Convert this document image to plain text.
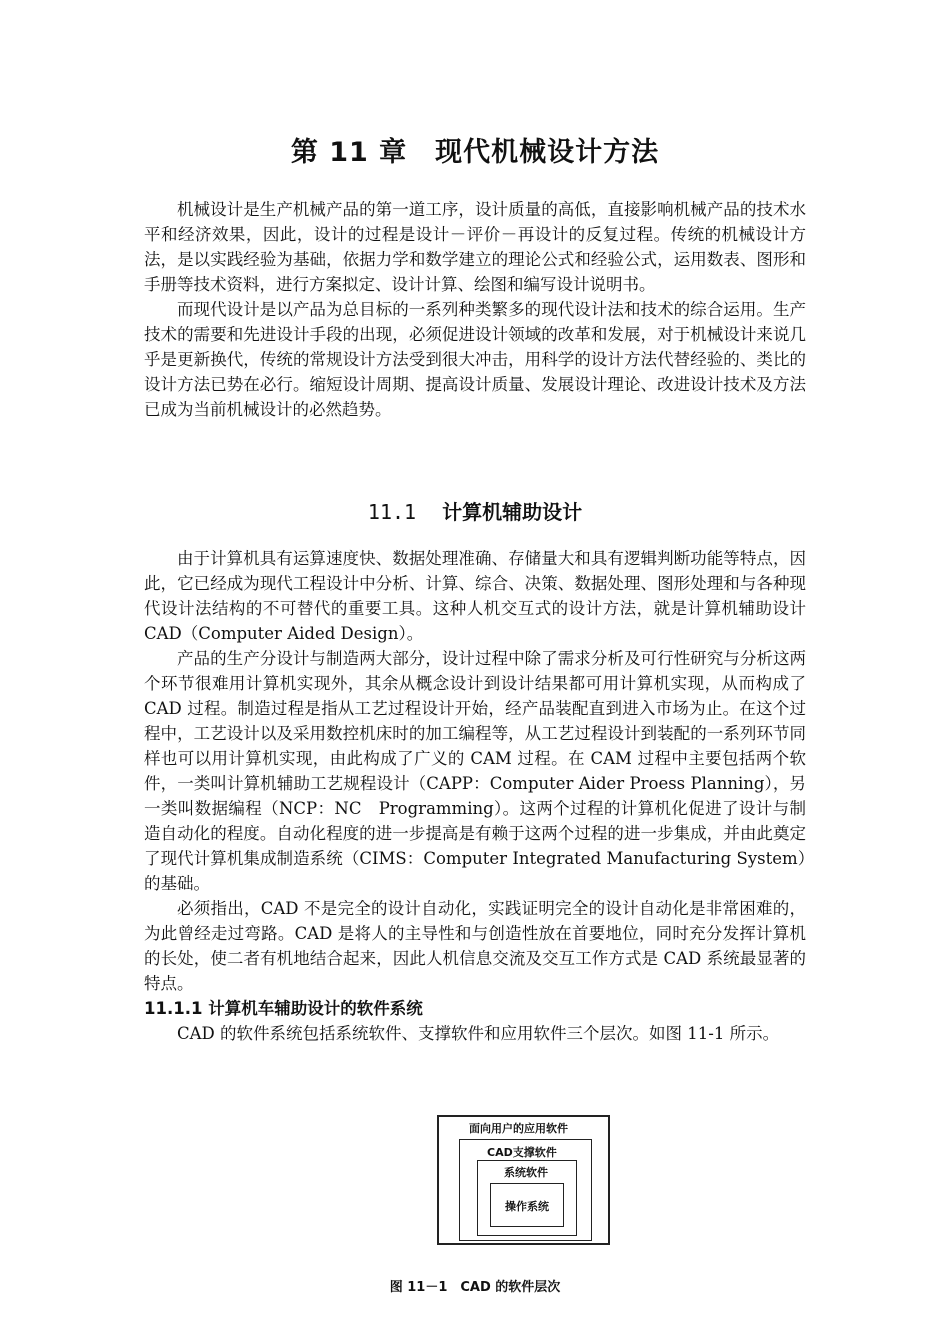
第 11 章　现代机械设计方法

机械设计是生产机械产品的第一道工序，设计质量的高低，直接影响机械产品的技术水平和经济效果，因此，设计的过程是设计－评价－再设计的反复过程。传统的机械设计方法，是以实践经验为基础，依据力学和数学建立的理论公式和经验公式，运用数表、图形和手册等技术资料，进行方案拟定、设计计算、绘图和编写设计说明书。

而现代设计是以产品为总目标的一系列种类繁多的现代设计法和技术的综合运用。生产技术的需要和先进设计手段的出现，必须促进设计领域的改革和发展，对于机械设计来说几乎是更新换代，传统的常规设计方法受到很大冲击，用科学的设计方法代替经验的、类比的设计方法已势在必行。缩短设计周期、提高设计质量、发展设计理论、改进设计技术及方法已成为当前机械设计的必然趋势。

11.1 计算机辅助设计

由于计算机具有运算速度快、数据处理准确、存储量大和具有逻辑判断功能等特点，因此，它已经成为现代工程设计中分析、计算、综合、决策、数据处理、图形处理和与各种现代设计法结构的不可替代的重要工具。这种人机交互式的设计方法，就是计算机辅助设计 CAD（Computer Aided Design）。

产品的生产分设计与制造两大部分，设计过程中除了需求分析及可行性研究与分析这两个环节很难用计算机实现外，其余从概念设计到设计结果都可用计算机实现，从而构成了 CAD 过程。制造过程是指从工艺过程设计开始，经产品装配直到进入市场为止。在这个过程中，工艺设计以及采用数控机床时的加工编程等，从工艺过程设计到装配的一系列环节同样也可以用计算机实现，由此构成了广义的 CAM 过程。在 CAM 过程中主要包括两个软件，一类叫计算机辅助工艺规程设计（CAPP：Computer Aider Proess Planning），另一类叫数据编程（NCP：NC　Programming）。这两个过程的计算机化促进了设计与制造自动化的程度。自动化程度的进一步提高是有赖于这两个过程的进一步集成，并由此奠定了现代计算机集成制造系统（CIMS：Computer Integrated Manufacturing System）的基础。

必须指出，CAD 不是完全的设计自动化，实践证明完全的设计自动化是非常困难的，为此曾经走过弯路。CAD 是将人的主导性和与创造性放在首要地位，同时充分发挥计算机的长处，使二者有机地结合起来，因此人机信息交流及交互工作方式是 CAD 系统最显著的特点。

11.1.1 计算机车辅助设计的软件系统

CAD 的软件系统包括系统软件、支撑软件和应用软件三个层次。如图 11-1 所示。

面向用户的应用软件
CAD支撑软件
系统软件
操作系统
图 11－1　CAD 的软件层次
